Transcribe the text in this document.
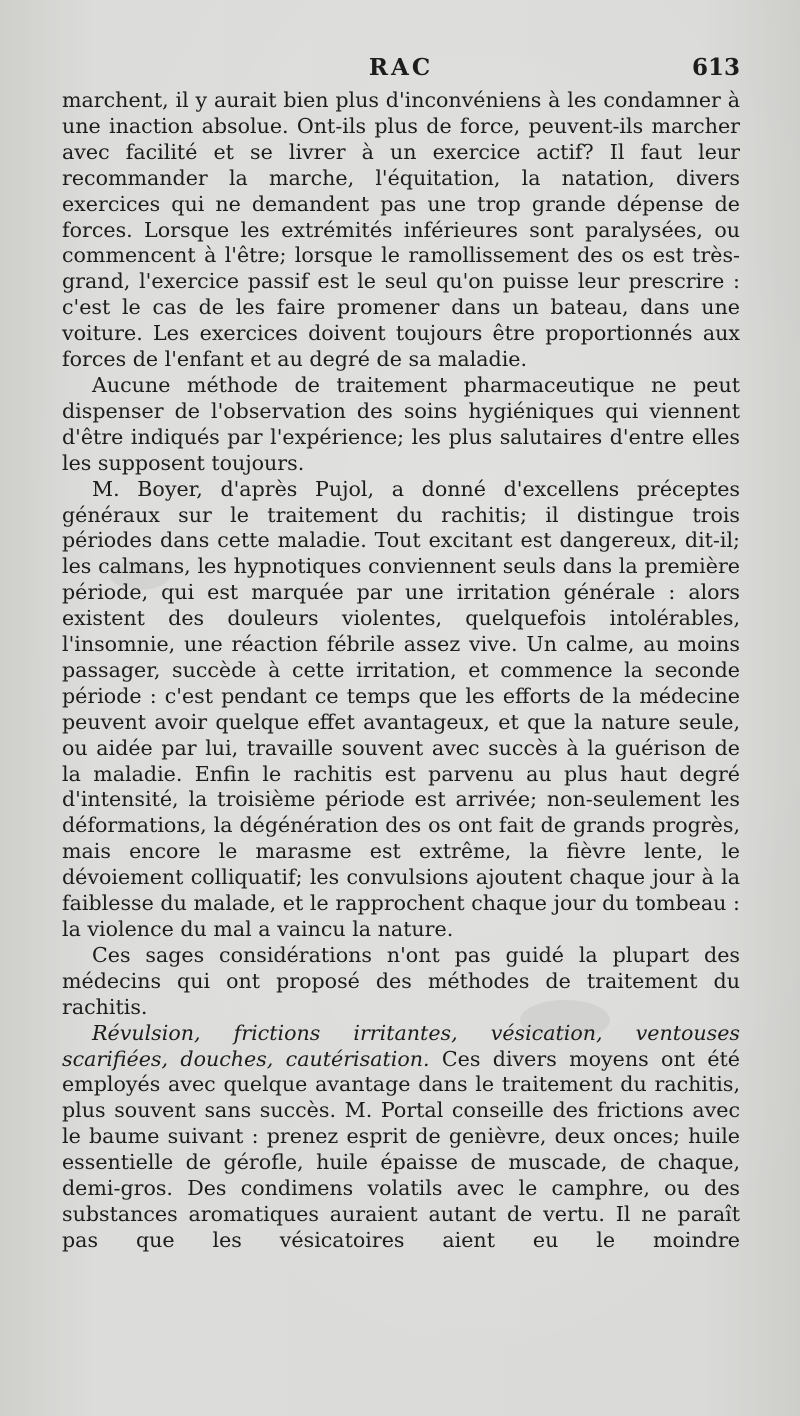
RAC	613

marchent, il y aurait bien plus d'inconvéniens à les condamner à une inaction absolue. Ont-ils plus de force, peuvent-ils marcher avec facilité et se livrer à un exercice actif? Il faut leur recommander la marche, l'équitation, la natation, divers exercices qui ne demandent pas une trop grande dépense de forces. Lorsque les extrémités inférieures sont paralysées, ou commencent à l'être; lorsque le ramollissement des os est très-grand, l'exercice passif est le seul qu'on puisse leur prescrire : c'est le cas de les faire promener dans un bateau, dans une voiture. Les exercices doivent toujours être proportionnés aux forces de l'enfant et au degré de sa maladie.

Aucune méthode de traitement pharmaceutique ne peut dispenser de l'observation des soins hygiéniques qui viennent d'être indiqués par l'expérience; les plus salutaires d'entre elles les supposent toujours.

M. Boyer, d'après Pujol, a donné d'excellens préceptes généraux sur le traitement du rachitis; il distingue trois périodes dans cette maladie. Tout excitant est dangereux, dit-il; les calmans, les hypnotiques conviennent seuls dans la première période, qui est marquée par une irritation générale : alors existent des douleurs violentes, quelquefois intolérables, l'insomnie, une réaction fébrile assez vive. Un calme, au moins passager, succède à cette irritation, et commence la seconde période : c'est pendant ce temps que les efforts de la médecine peuvent avoir quelque effet avantageux, et que la nature seule, ou aidée par lui, travaille souvent avec succès à la guérison de la maladie. Enfin le rachitis est parvenu au plus haut degré d'intensité, la troisième période est arrivée; non-seulement les déformations, la dégénération des os ont fait de grands progrès, mais encore le marasme est extrême, la fièvre lente, le dévoiement colliquatif; les convulsions ajoutent chaque jour à la faiblesse du malade, et le rapprochent chaque jour du tombeau : la violence du mal a vaincu la nature.

Ces sages considérations n'ont pas guidé la plupart des médecins qui ont proposé des méthodes de traitement du rachitis.

Révulsion, frictions irritantes, vésication, ventouses scarifiées, douches, cautérisation. Ces divers moyens ont été employés avec quelque avantage dans le traitement du rachitis, plus souvent sans succès. M. Portal conseille des frictions avec le baume suivant : prenez esprit de genièvre, deux onces; huile essentielle de gérofle, huile épaisse de muscade, de chaque, demi-gros. Des condimens volatils avec le camphre, ou des substances aromatiques auraient autant de vertu. Il ne paraît pas que les vésicatoires aient eu le moindre
